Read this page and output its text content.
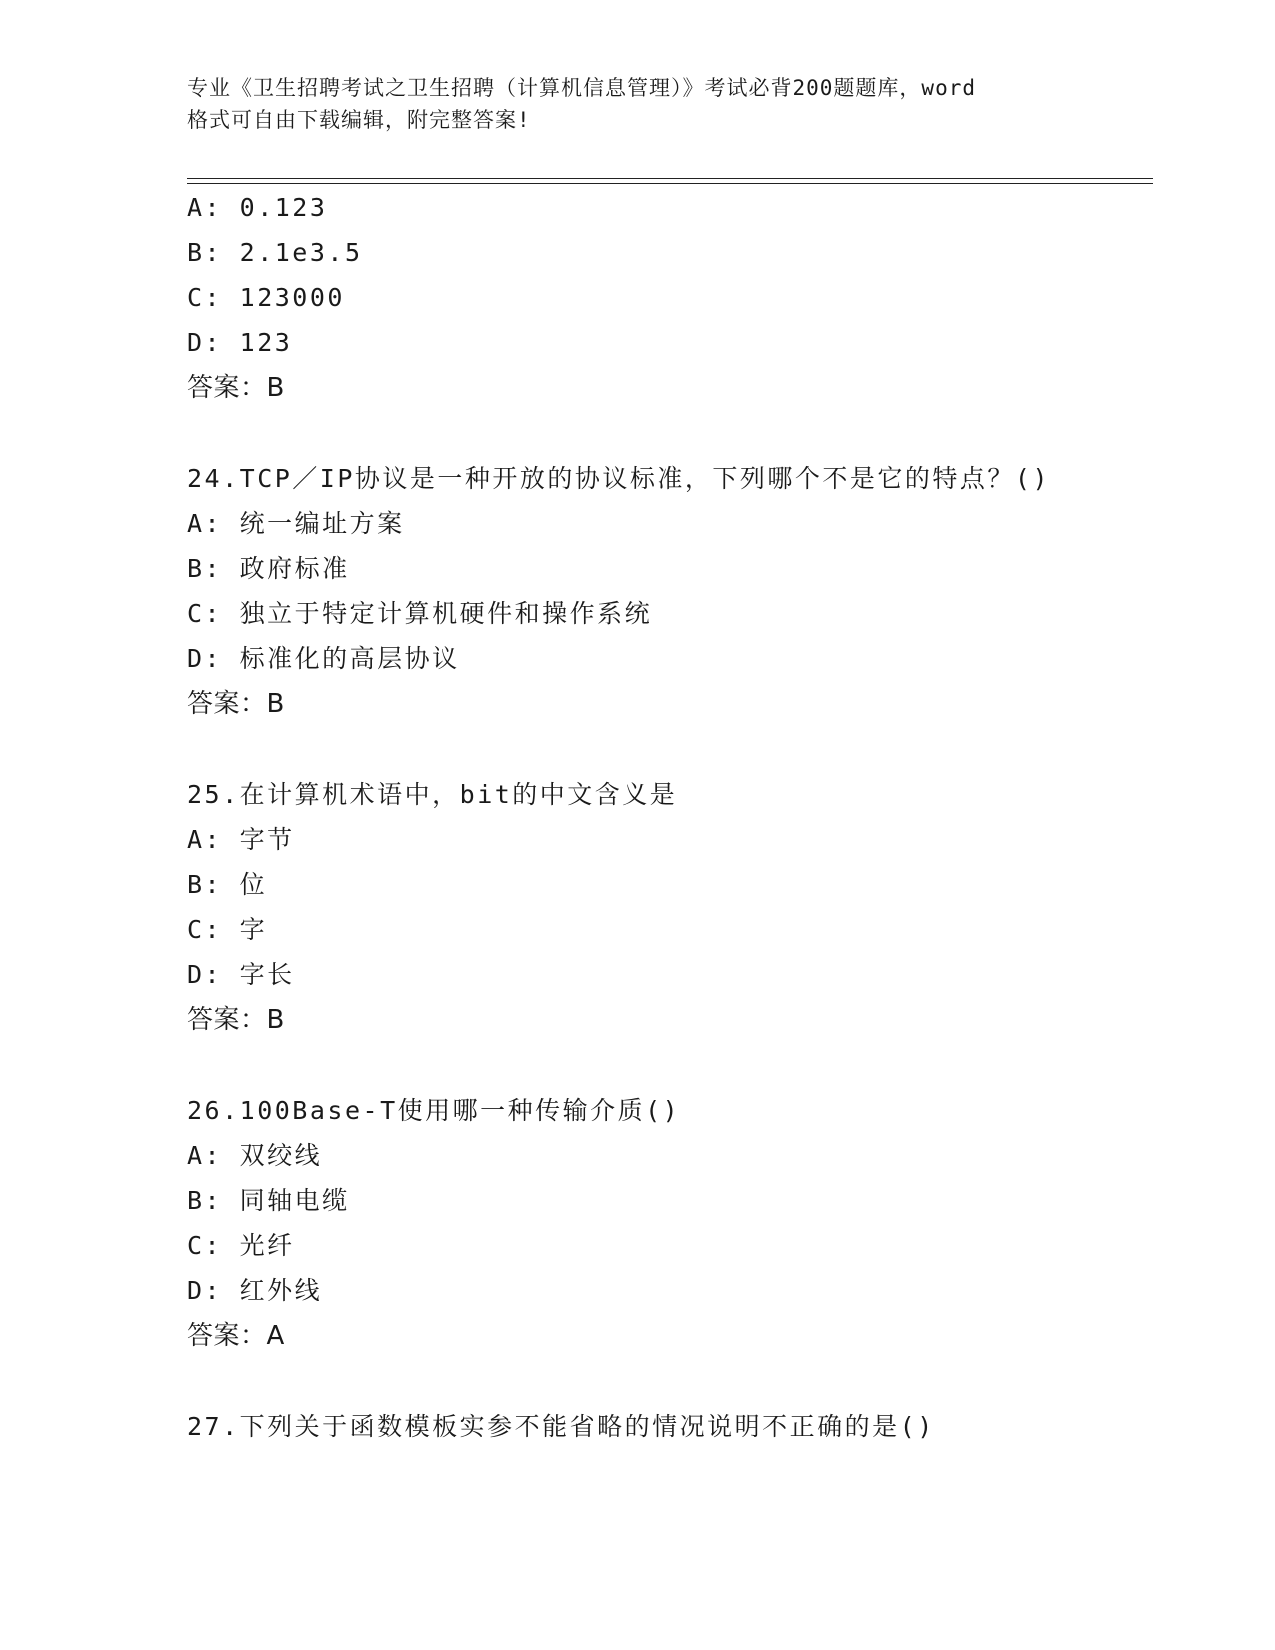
专业《卫生招聘考试之卫生招聘（计算机信息管理）》考试必背200题题库，word
格式可自由下载编辑，附完整答案!
A: 0.123
B: 2.1e3.5
C: 123000
D: 123
答案：B
24.TCP／IP协议是一种开放的协议标准，下列哪个不是它的特点？()
A: 统一编址方案
B: 政府标准
C: 独立于特定计算机硬件和操作系统
D: 标准化的高层协议
答案：B
25.在计算机术语中，bit的中文含义是
A: 字节
B: 位
C: 字
D: 字长
答案：B
26.100Base-T使用哪一种传输介质()
A: 双绞线
B: 同轴电缆
C: 光纤
D: 红外线
答案：A
27.下列关于函数模板实参不能省略的情况说明不正确的是()
